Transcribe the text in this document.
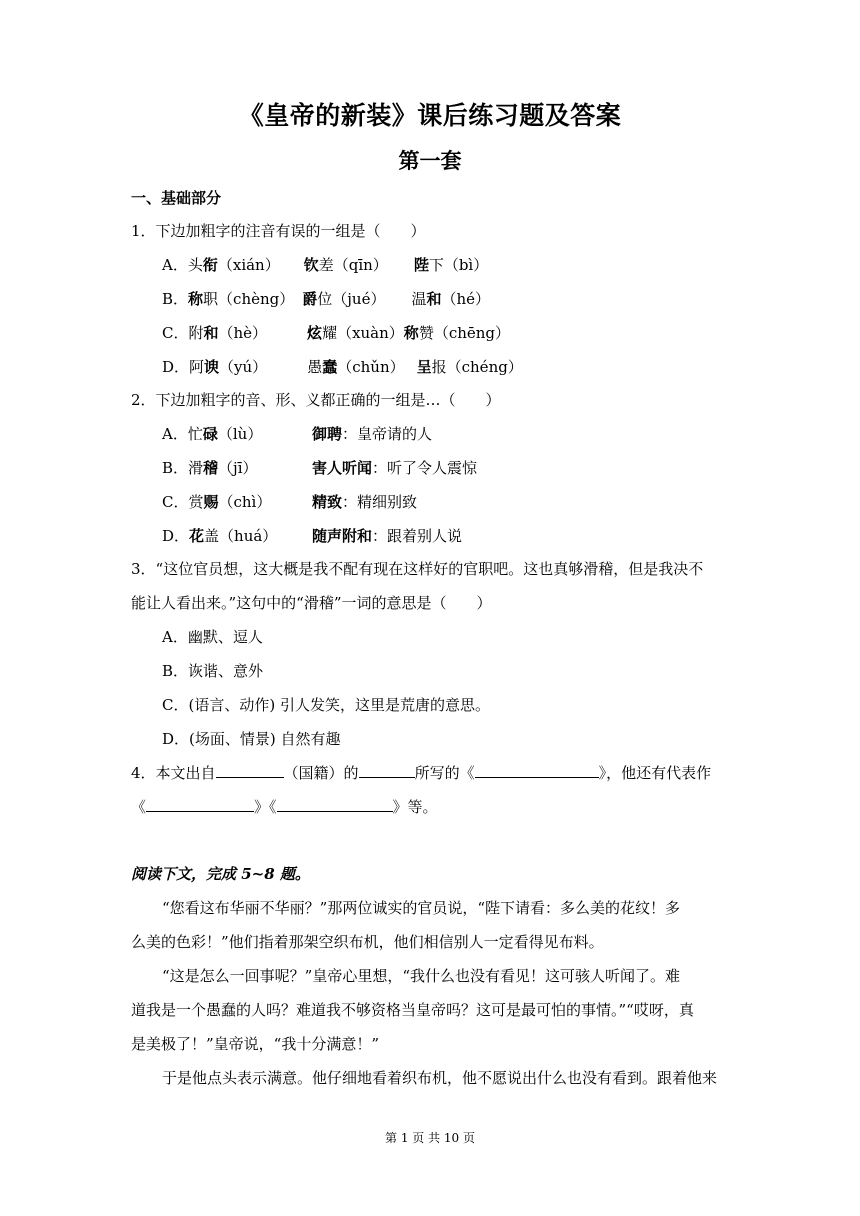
《皇帝的新装》课后练习题及答案
第一套
一、基础部分
1．下边加粗字的注音有误的一组是（　　）
A．头衔（xián） 钦差（qīn） 陛下（bì）
B．称职（chèng） 爵位（jué） 温和（hé）
C．附和（hè）	炫耀（xuàn）称赞（chēng）
D．阿谀（yú）	愚蠢（chǔn） 呈报（chéng）
2．下边加粗字的音、形、义都正确的一组是…（　　）
A．忙碌（lù）	御聘：皇帝请的人
B．滑稽（jī）	害人听闻：听了令人震惊
C．赏赐（chì）	精致：精细别致
D．花盖（huá） 随声附和：跟着别人说
3．“这位官员想，这大概是我不配有现在这样好的官职吧。这也真够滑稽，但是我决不
能让人看出来。”这句中的“滑稽”一词的意思是（　　）
A．幽默、逗人
B．诙谐、意外
C．(语言、动作) 引人发笑，这里是荒唐的意思。
D．(场面、情景) 自然有趣
4．本文出自	（国籍）的	所写的《	》，他还有代表作
《	》《	》等。
阅读下文，完成 5~8 题。
“您看这布华丽不华丽？”那两位诚实的官员说，“陛下请看：多么美的花纹！多
么美的色彩！”他们指着那架空织布机，他们相信别人一定看得见布料。
“这是怎么一回事呢？”皇帝心里想，“我什么也没有看见！这可骇人听闻了。难
道我是一个愚蠢的人吗？难道我不够资格当皇帝吗？这可是最可怕的事情。”“哎呀，真
是美极了！”皇帝说，“我十分满意！”
于是他点头表示满意。他仔细地看着织布机，他不愿说出什么也没有看到。跟着他来
第 1 页 共 10 页
